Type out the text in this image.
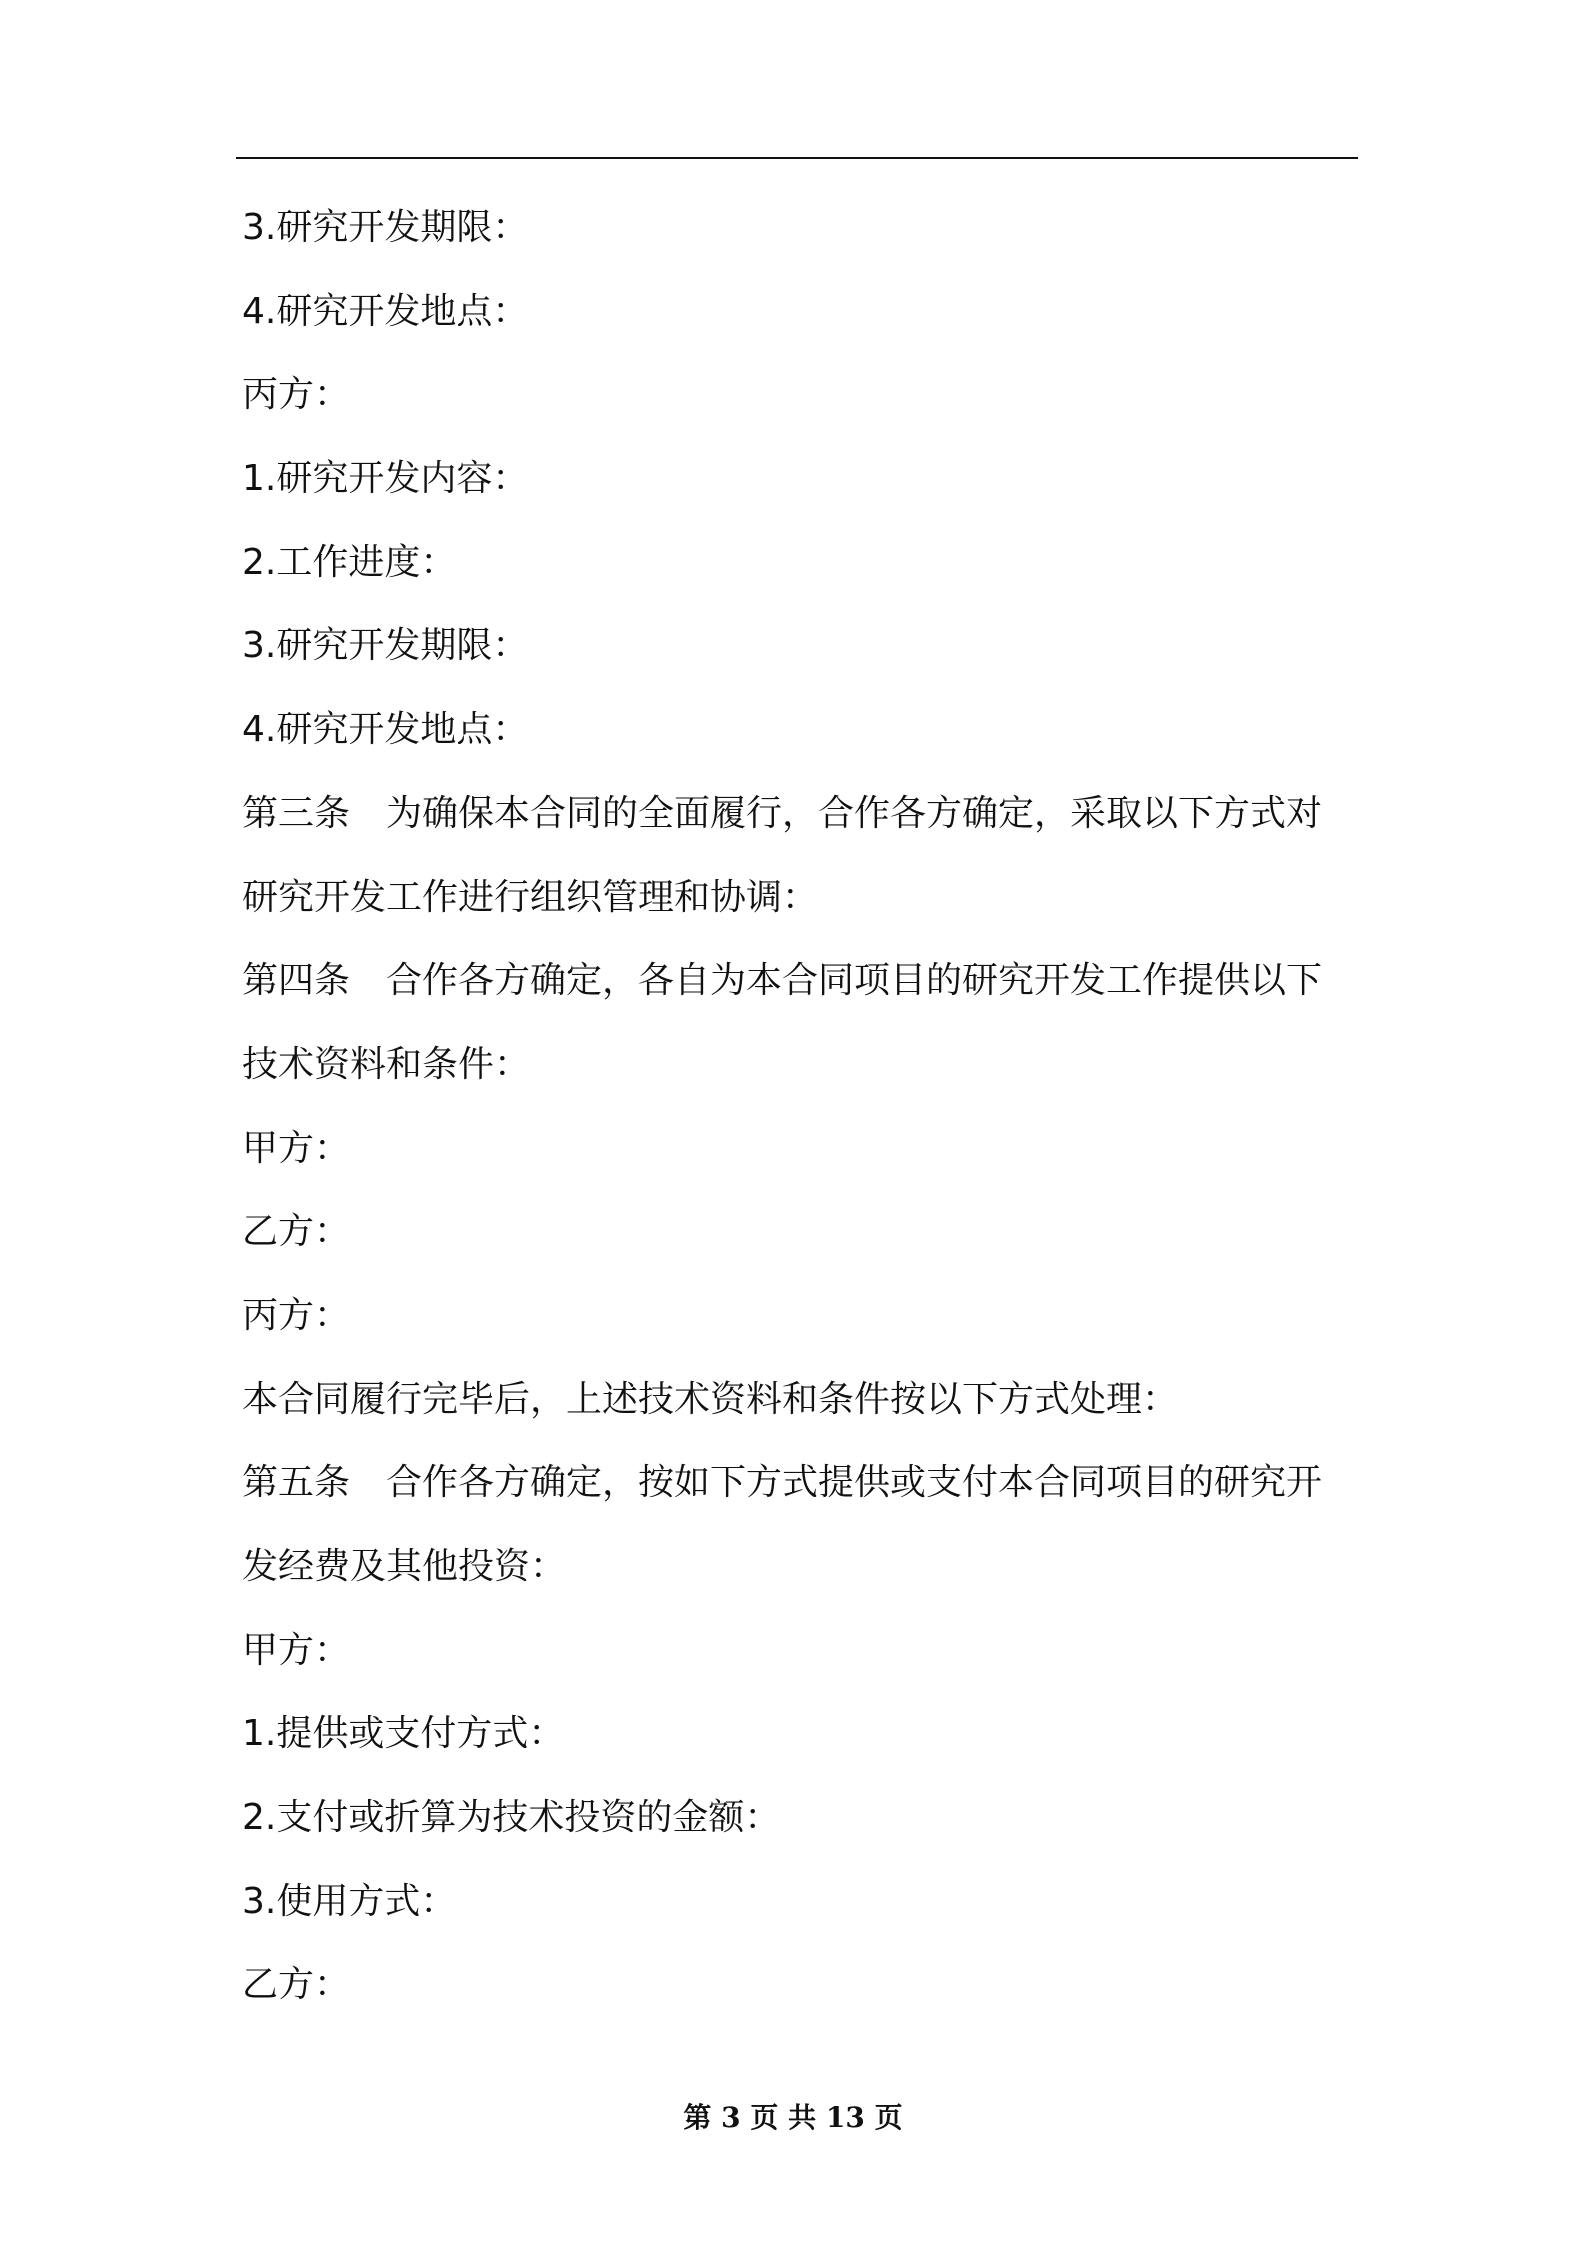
3.研究开发期限：
4.研究开发地点：
丙方：
1.研究开发内容：
2.工作进度：
3.研究开发期限：
4.研究开发地点：
第三条　为确保本合同的全面履行，合作各方确定，采取以下方式对
研究开发工作进行组织管理和协调：
第四条　合作各方确定，各自为本合同项目的研究开发工作提供以下
技术资料和条件：
甲方：
乙方：
丙方：
本合同履行完毕后，上述技术资料和条件按以下方式处理：
第五条　合作各方确定，按如下方式提供或支付本合同项目的研究开
发经费及其他投资：
甲方：
1.提供或支付方式：
2.支付或折算为技术投资的金额：
3.使用方式：
乙方：
第 3 页 共 13 页
